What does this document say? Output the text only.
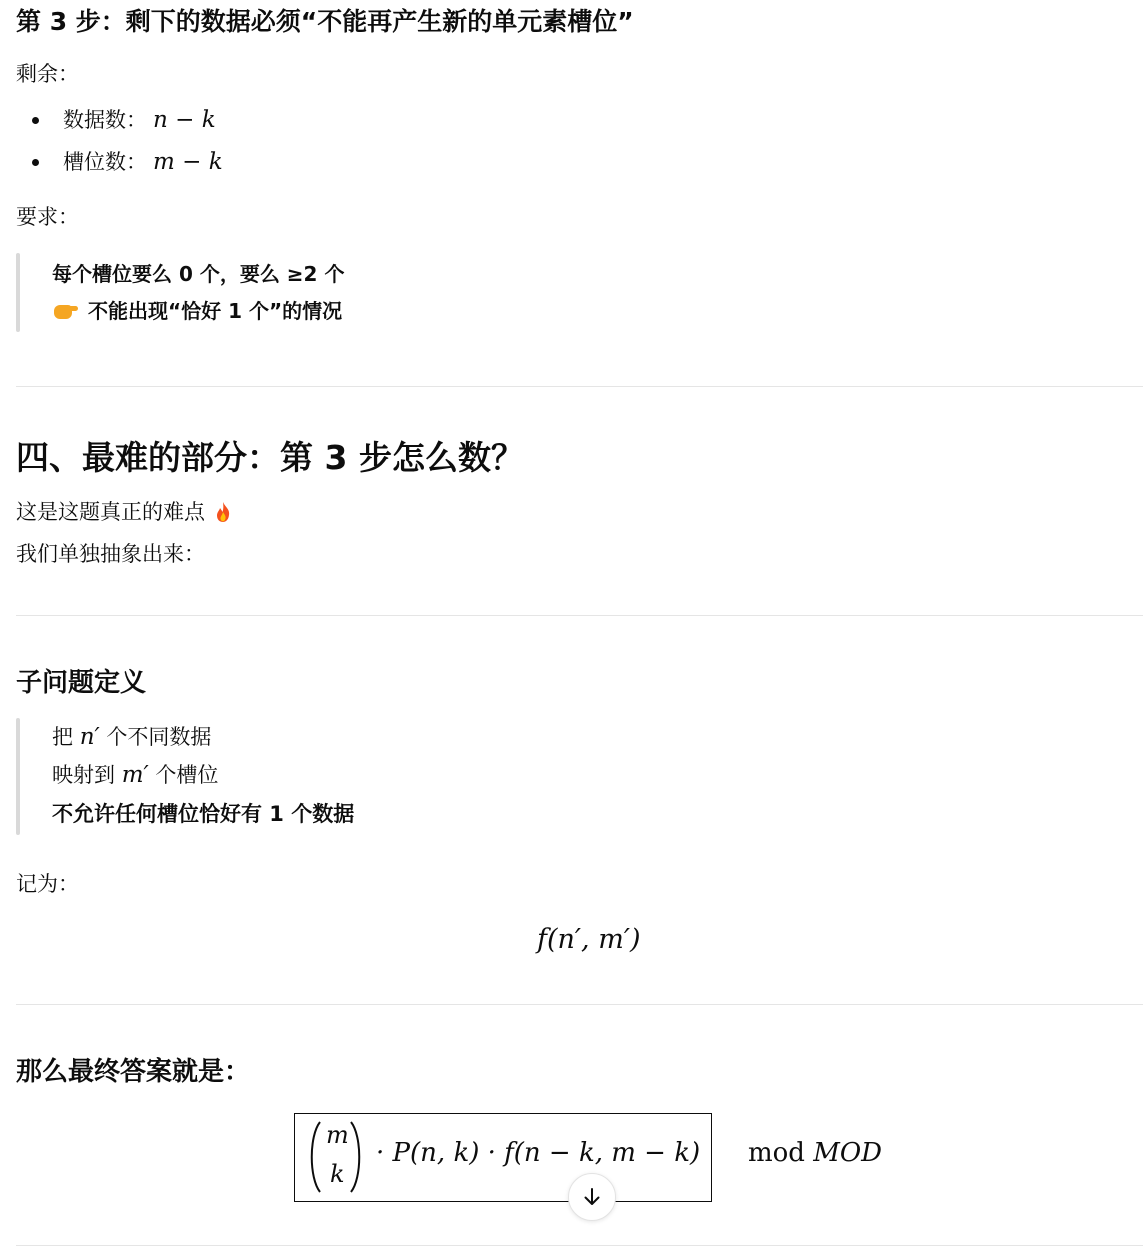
第 3 步：剩下的数据必须“不能再产生新的单元素槽位”
剩余：
数据数： n − k
槽位数： m − k
要求：
每个槽位要么 0 个，要么 ≥2 个
不能出现“恰好 1 个”的情况
四、最难的部分：第 3 步怎么数？
这是这题真正的难点
我们单独抽象出来：
子问题定义
把 n′ 个不同数据
映射到 m′ 个槽位
不允许任何槽位恰好有 1 个数据
记为：
f(n′, m′)
那么最终答案就是：
m
k
· P(n, k) · f(n − k, m − k) mod MOD
